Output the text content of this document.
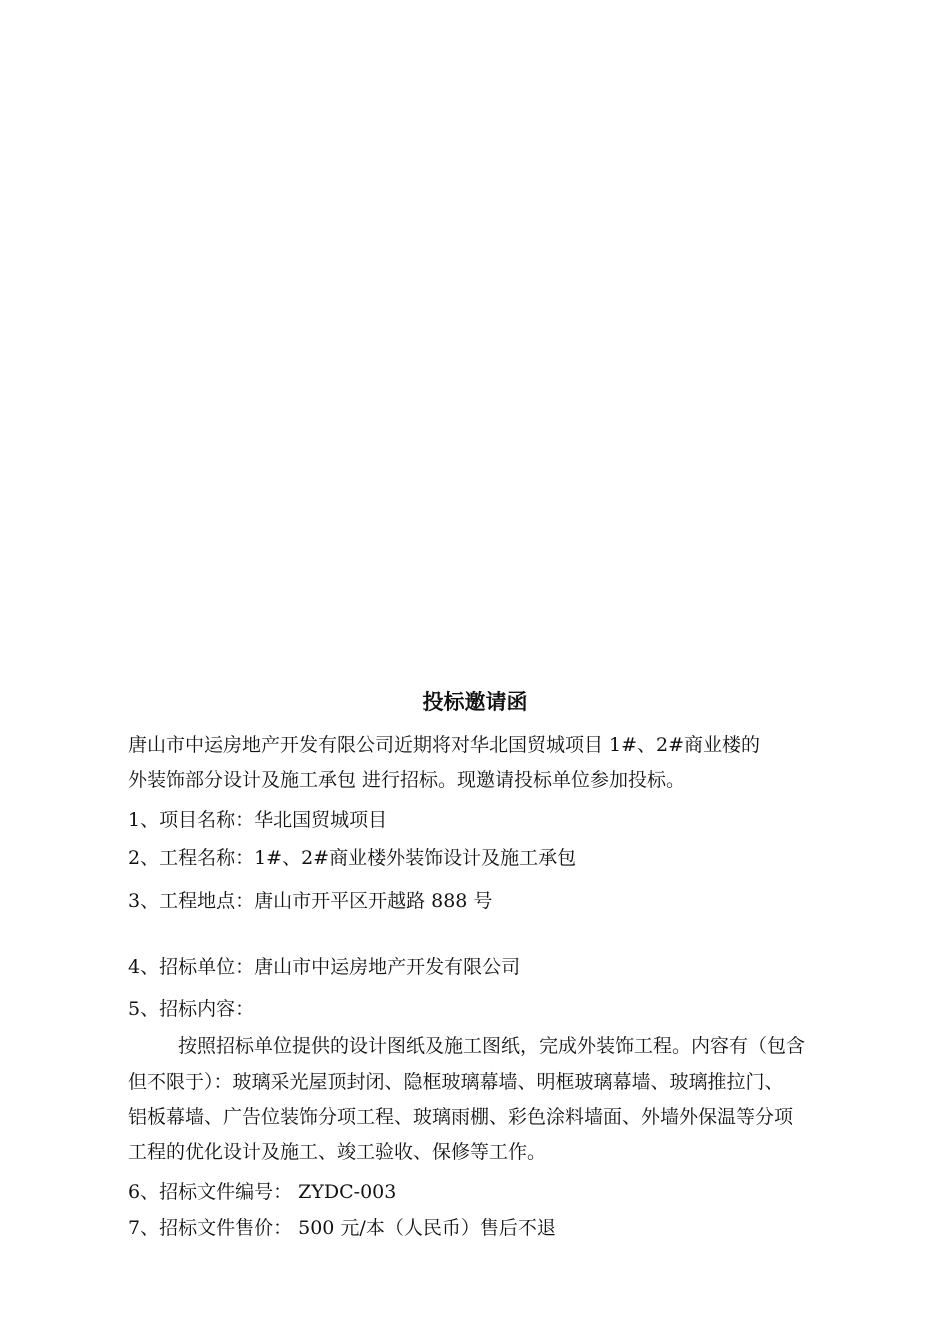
投标邀请函
唐山市中运房地产开发有限公司近期将对华北国贸城项目 1#、2#商业楼的
外装饰部分设计及施工承包 进行招标。现邀请投标单位参加投标。
1、项目名称：华北国贸城项目
2、工程名称：1#、2#商业楼外装饰设计及施工承包
3、工程地点：唐山市开平区开越路 888 号
4、招标单位：唐山市中运房地产开发有限公司
5、招标内容：
按照招标单位提供的设计图纸及施工图纸，完成外装饰工程。内容有（包含
但不限于）：玻璃采光屋顶封闭、隐框玻璃幕墙、明框玻璃幕墙、玻璃推拉门、
铝板幕墙、广告位装饰分项工程、玻璃雨棚、彩色涂料墙面、外墙外保温等分项
工程的优化设计及施工、竣工验收、保修等工作。
6、招标文件编号： ZYDC-003
7、招标文件售价： 500 元/本（人民币）售后不退
